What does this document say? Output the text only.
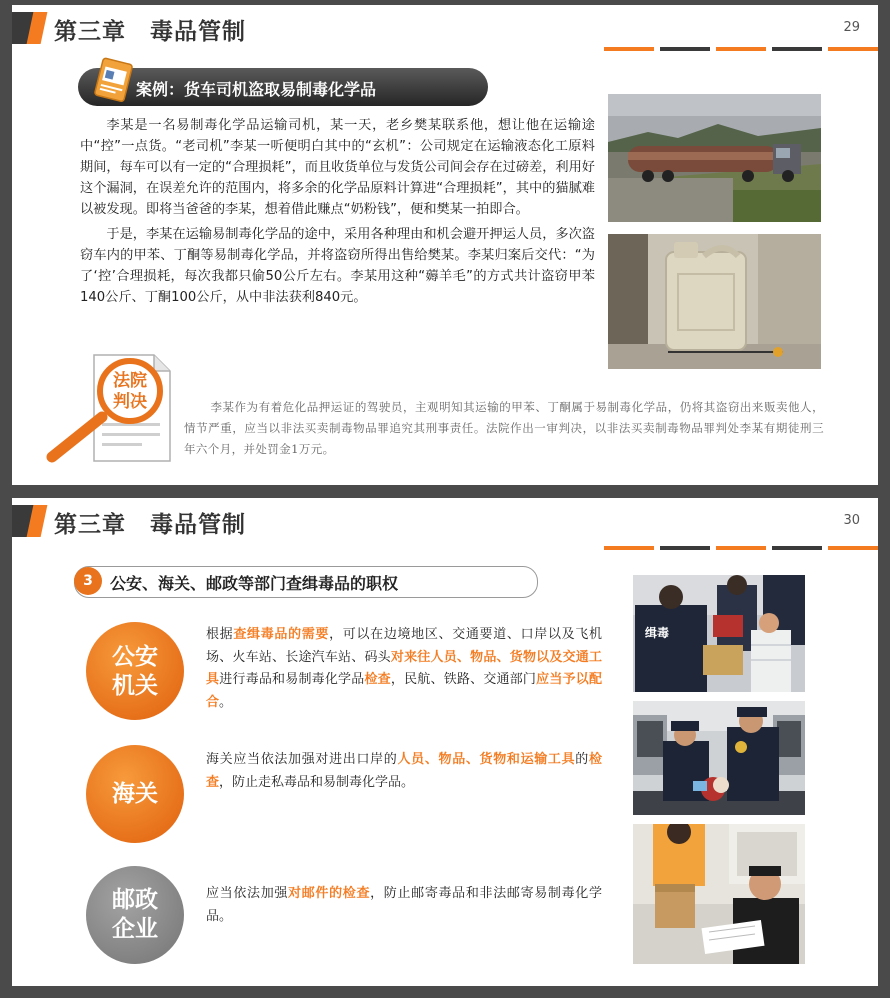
第三章　毒品管制	29
案例：货车司机盗取易制毒化学品

李某是一名易制毒化学品运输司机，某一天，老乡樊某联系他，想让他在运输途中“控”一点货。“老司机”李某一听便明白其中的“玄机”：公司规定在运输液态化工原料期间，每车可以有一定的“合理损耗”，而且收货单位与发货公司间会存在过磅差，利用好这个漏洞，在误差允许的范围内，将多余的化学品原料计算进“合理损耗”，其中的猫腻难以被发现。即将当爸爸的李某，想着借此赚点“奶粉钱”，便和樊某一拍即合。

于是，李某在运输易制毒化学品的途中，采用各种理由和机会避开押运人员，多次盗窃车内的甲苯、丁酮等易制毒化学品，并将盗窃所得出售给樊某。李某归案后交代：“为了‘控’合理损耗，每次我都只偷50公斤左右。李某用这种“薅羊毛”的方式共计盗窃甲苯140公斤、丁酮100公斤，从中非法获利840元。

法院判决	李某作为有着危化品押运证的驾驶员，主观明知其运输的甲苯、丁酮属于易制毒化学品，仍将其盗窃出来贩卖他人，情节严重，应当以非法买卖制毒物品罪追究其刑事责任。法院作出一审判决，以非法买卖制毒物品罪判处李某有期徒刑三年六个月，并处罚金1万元。
第三章　毒品管制	30
3	公安、海关、邮政等部门查缉毒品的职权
公安
机关
根据查缉毒品的需要，可以在边境地区、交通要道、口岸以及飞机场、火车站、长途汽车站、码头对来往人员、物品、货物以及交通工具进行毒品和易制毒化学品检查，民航、铁路、交通部门应当予以配合。
海关
海关应当依法加强对进出口岸的人员、物品、货物和运输工具的检查，防止走私毒品和易制毒化学品。
邮政
企业
应当依法加强对邮件的检查，防止邮寄毒品和非法邮寄易制毒化学品。
缉毒
